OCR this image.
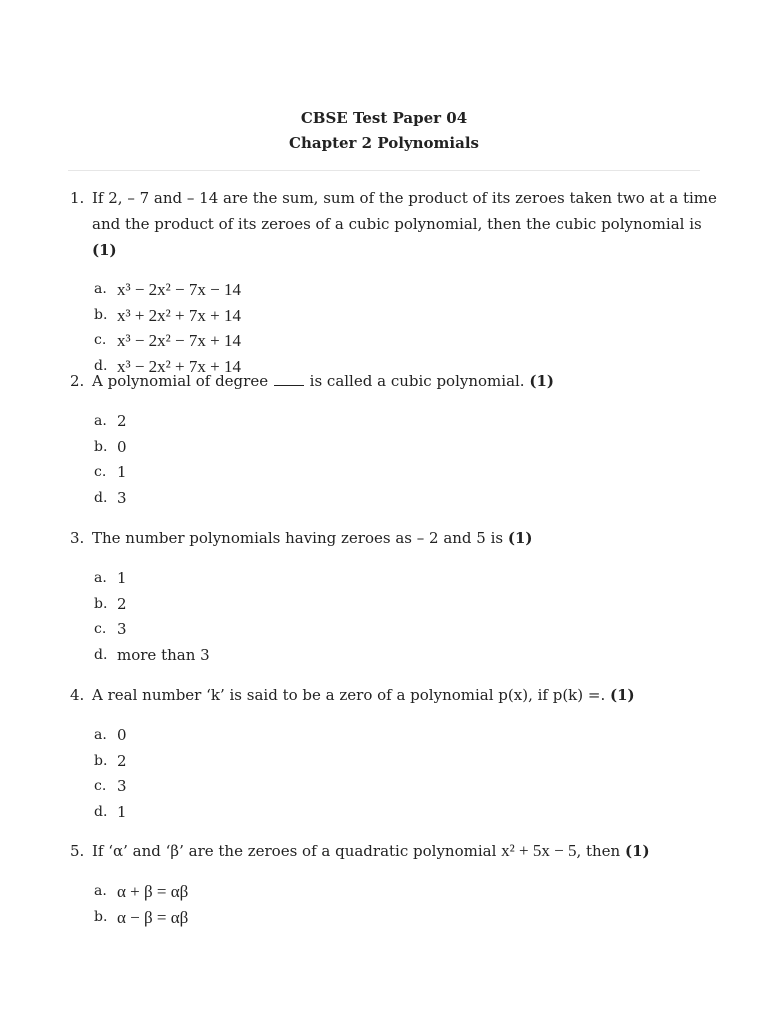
CBSE Test Paper 04
Chapter 2 Polynomials
1. If 2, – 7 and – 14 are the sum, sum of the product of its zeroes taken two at a time and the product of its zeroes of a cubic polynomial, then the cubic polynomial is (1)
a. x³ − 2x² − 7x − 14
b. x³ + 2x² + 7x + 14
c. x³ − 2x² − 7x + 14
d. x³ − 2x² + 7x + 14
2. A polynomial of degree	is called a cubic polynomial. (1)
a. 2
b. 0
c. 1
d. 3
3. The number polynomials having zeroes as – 2 and 5 is (1)
a. 1
b. 2
c. 3
d. more than 3
4. A real number ‘k’ is said to be a zero of a polynomial p(x), if p(k) =. (1)
a. 0
b. 2
c. 3
d. 1
5. If ‘α’ and ‘β’ are the zeroes of a quadratic polynomial x² + 5x − 5, then (1)
a. α + β = αβ
b. α − β = αβ
